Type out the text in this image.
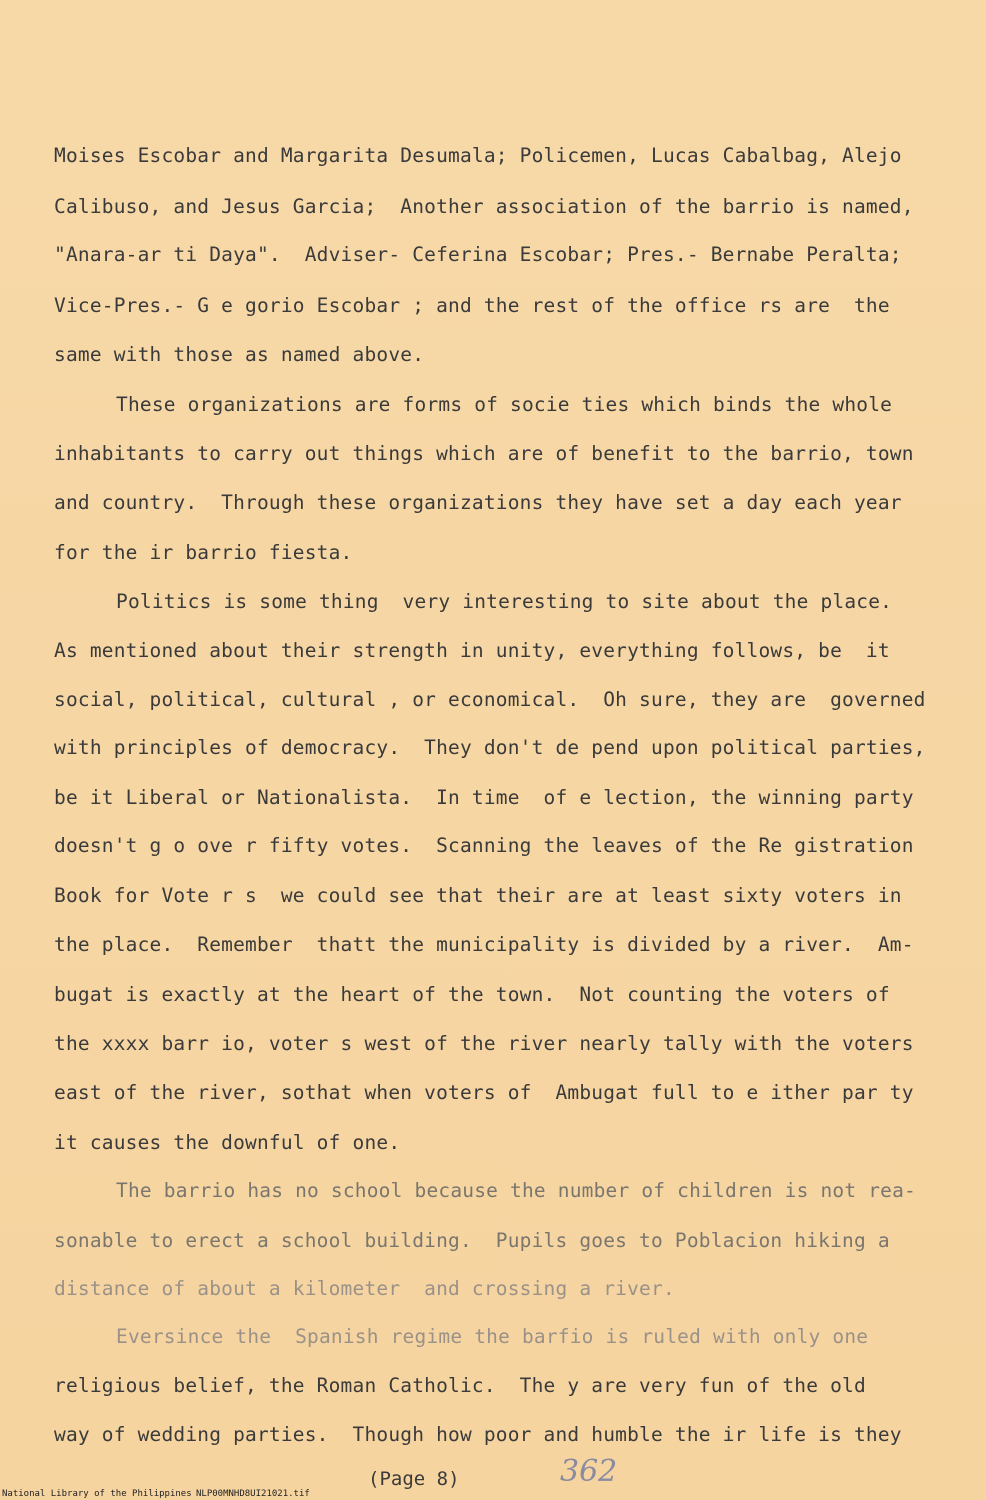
Moises Escobar and Margarita Desumala; Policemen, Lucas Cabalbag, Alejo
Calibuso, and Jesus Garcia;  Another association of the barrio is named,
"Anara-ar ti Daya".  Adviser- Ceferina Escobar; Pres.- Bernabe Peralta;
Vice-Pres.- G e gorio Escobar ; and the rest of the office rs are  the
same with those as named above.
These organizations are forms of socie ties which binds the whole
inhabitants to carry out things which are of benefit to the barrio, town
and country.  Through these organizations they have set a day each year
for the ir barrio fiesta.
Politics is some thing  very interesting to site about the place.
As mentioned about their strength in unity, everything follows, be  it
social, political, cultural , or economical.  Oh sure, they are  governed
with principles of democracy.  They don't de pend upon political parties,
be it Liberal or Nationalista.  In time  of e lection, the winning party
doesn't g o ove r fifty votes.  Scanning the leaves of the Re gistration
Book for Vote r s  we could see that their are at least sixty voters in
the place.  Remember  thatt the municipality is divided by a river.  Am-
bugat is exactly at the heart of the town.  Not counting the voters of
the xxxx barr io, voter s west of the river nearly tally with the voters
east of the river, sothat when voters of  Ambugat full to e ither par ty
it causes the downful of one.
The barrio has no school because the number of children is not rea-
sonable to erect a school building.  Pupils goes to Poblacion hiking a
distance of about a kilometer  and crossing a river.
Eversince the  Spanish regime the barfio is ruled with only one
religious belief, the Roman Catholic.  The y are very fun of the old
way of wedding parties.  Though how poor and humble the ir life is they
(Page 8)	362
National Library of the Philippines NLP00MNHD8UI21021.tif
